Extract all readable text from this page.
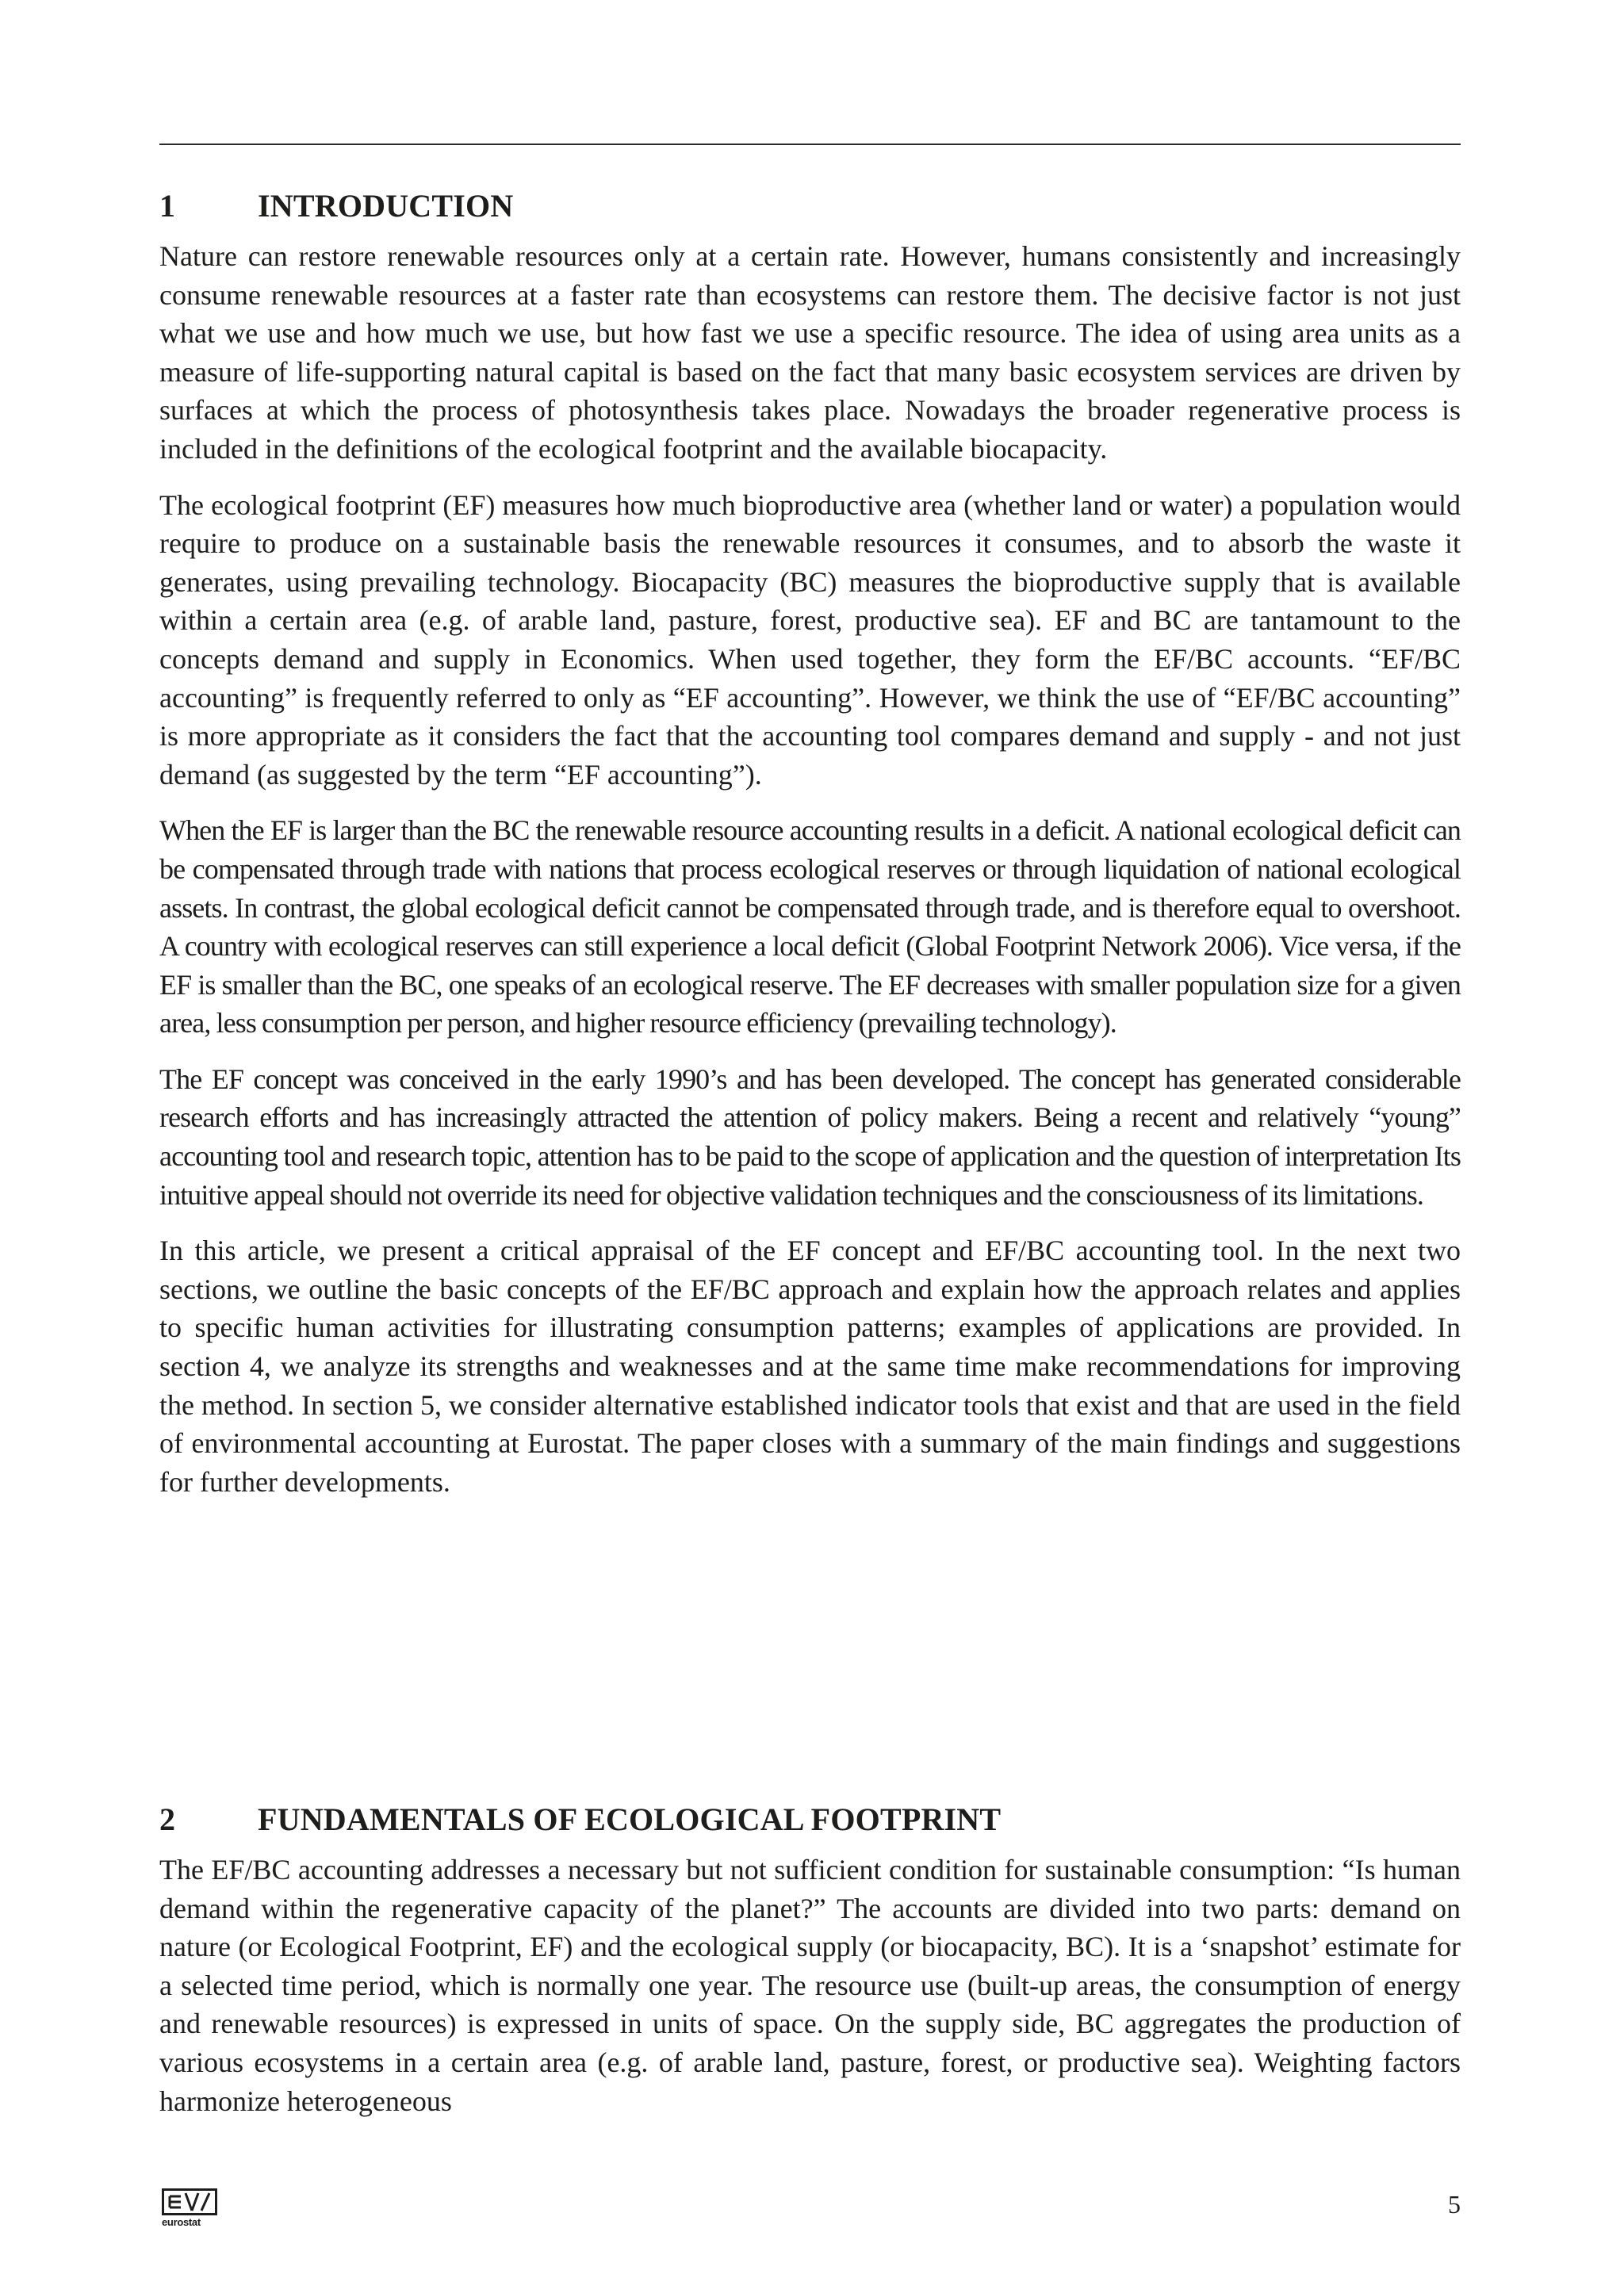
1	INTRODUCTION

Nature can restore renewable resources only at a certain rate. However, humans consistently and increasingly consume renewable resources at a faster rate than ecosystems can restore them. The decisive factor is not just what we use and how much we use, but how fast we use a specific resource. The idea of using area units as a measure of life-supporting natural capital is based on the fact that many basic ecosystem services are driven by surfaces at which the process of photosynthesis takes place. Nowadays the broader regenerative process is included in the definitions of the ecological footprint and the available biocapacity.

The ecological footprint (EF) measures how much bioproductive area (whether land or water) a population would require to produce on a sustainable basis the renewable resources it consumes, and to absorb the waste it generates, using prevailing technology. Biocapacity (BC) measures the bioproductive supply that is available within a certain area (e.g. of arable land, pasture, forest, productive sea). EF and BC are tantamount to the concepts demand and supply in Economics. When used together, they form the EF/BC accounts. “EF/BC accounting” is frequently referred to only as “EF accounting”. However, we think the use of “EF/BC accounting” is more appropriate as it considers the fact that the accounting tool compares demand and supply - and not just demand (as suggested by the term “EF accounting”).

When the EF is larger than the BC the renewable resource accounting results in a deficit. A national ecological deficit can be compensated through trade with nations that process ecological reserves or through liquidation of national ecological assets. In contrast, the global ecological deficit cannot be compensated through trade, and is therefore equal to overshoot. A country with ecological reserves can still experience a local deficit (Global Footprint Network 2006). Vice versa, if the EF is smaller than the BC, one speaks of an ecological reserve. The EF decreases with smaller population size for a given area, less consumption per person, and higher resource efficiency (prevailing technology).

The EF concept was conceived in the early 1990’s and has been developed. The concept has generated considerable research efforts and has increasingly attracted the attention of policy makers. Being a recent and relatively “young” accounting tool and research topic, attention has to be paid to the scope of application and the question of interpretation Its intuitive appeal should not override its need for objective validation techniques and the consciousness of its limitations.

In this article, we present a critical appraisal of the EF concept and EF/BC accounting tool. In the next two sections, we outline the basic concepts of the EF/BC approach and explain how the approach relates and applies to specific human activities for illustrating consumption patterns; examples of applications are provided. In section 4, we analyze its strengths and weaknesses and at the same time make recommendations for improving the method. In section 5, we consider alternative established indicator tools that exist and that are used in the field of environmental accounting at Eurostat. The paper closes with a summary of the main findings and suggestions for further developments.

2	FUNDAMENTALS OF ECOLOGICAL FOOTPRINT

The EF/BC accounting addresses a necessary but not sufficient condition for sustainable consumption: “Is human demand within the regenerative capacity of the planet?” The accounts are divided into two parts: demand on nature (or Ecological Footprint, EF) and the ecological supply (or biocapacity, BC). It is a ‘snapshot’ estimate for a selected time period, which is normally one year. The resource use (built-up areas, the consumption of energy and renewable resources) is expressed in units of space. On the supply side, BC aggregates the production of various ecosystems in a certain area (e.g. of arable land, pasture, forest, or productive sea). Weighting factors harmonize heterogeneous

eurostat
5
